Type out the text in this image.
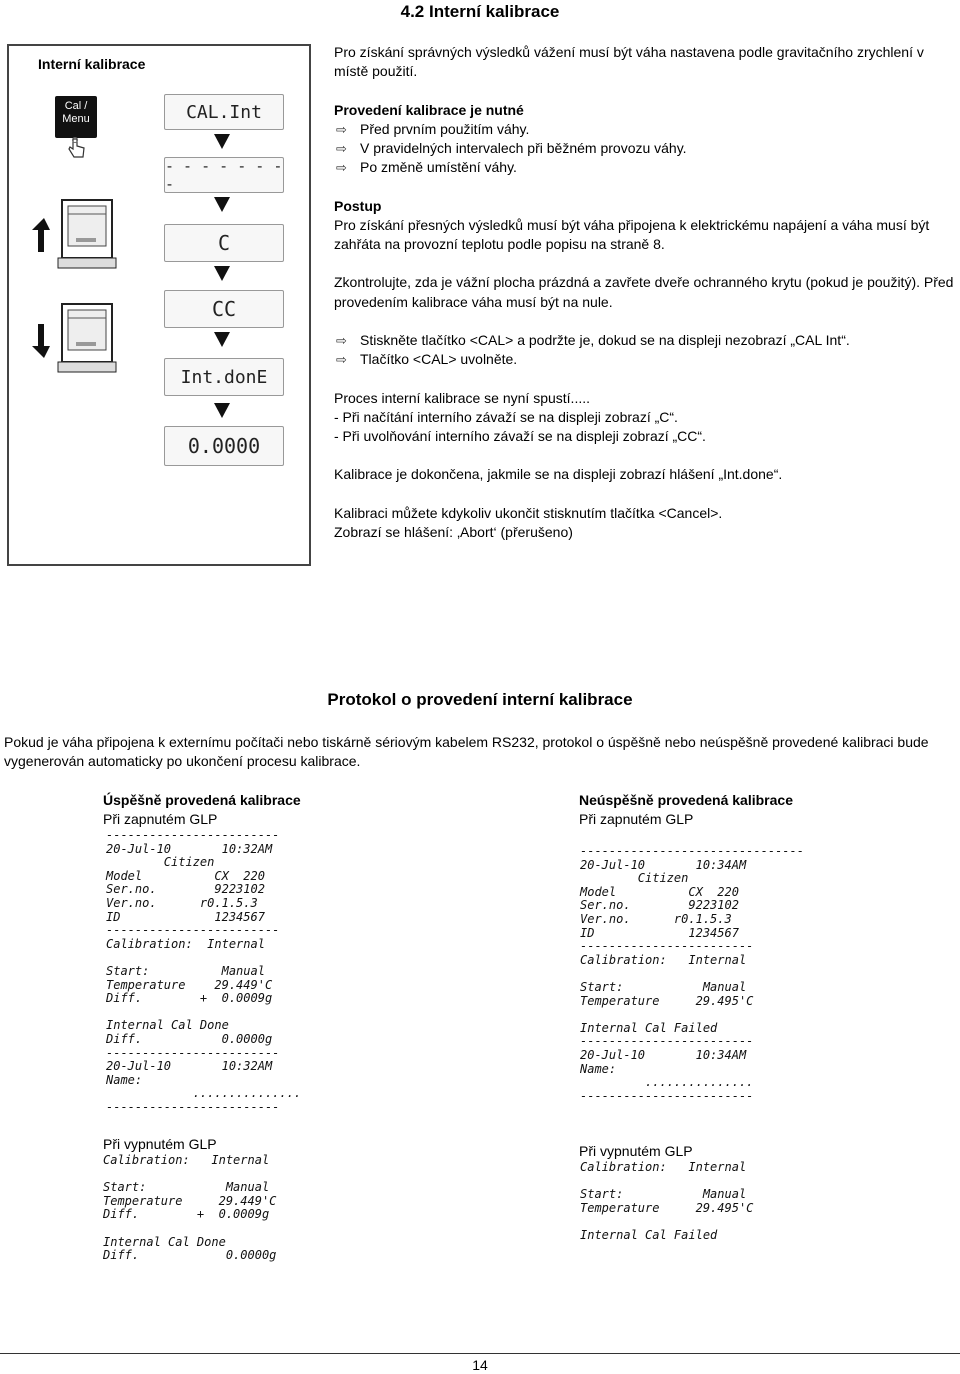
4.2 Interní kalibrace
Interní kalibrace
Cal / Menu	CAL.Int
- - - - - - - -
C
CC
Int.donE
0.0000

Pro získání správných výsledků vážení musí být váha nastavena podle gravitačního zrychlení v místě použití.

Provedení kalibrace je nutné

⇨ Před prvním použitím váhy.

⇨ V pravidelných intervalech při běžném provozu váhy.

⇨ Po změně umístění váhy.

Postup

Pro získání přesných výsledků musí být váha připojena k elektrickému napájení a váha musí být zahřáta na provozní teplotu podle popisu na straně 8.

Zkontrolujte, zda je vážní plocha prázdná a zavřete dveře ochranného krytu (pokud je použitý). Před provedením kalibrace váha musí být na nule.

⇨ Stiskněte tlačítko <CAL> a podržte je, dokud se na displeji nezobrazí „CAL Int“.

⇨ Tlačítko <CAL> uvolněte.

Proces interní kalibrace se nyní spustí.....

- Při načítání interního závaží se na displeji zobrazí „C“.

- Při uvolňování interního závaží se na displeji zobrazí „CC“.

Kalibrace je dokončena, jakmile se na displeji zobrazí hlášení „Int.done“.

Kalibraci můžete kdykoliv ukončit stisknutím tlačítka <Cancel>.

Zobrazí se hlášení: ‚Abort‘ (přerušeno)

Protokol o provedení interní kalibrace
Pokud je váha připojena k externímu počítači nebo tiskárně sériovým kabelem RS232, protokol o úspěšně nebo neúspěšně provedené kalibraci bude vygenerován automaticky po ukončení procesu kalibrace.
Úspěšně provedená kalibrace
Při zapnutém GLP
------------------------
20-Jul-10       10:32AM
Citizen
Model          CX  220
Ser.no.        9223102
Ver.no.      r0.1.5.3
ID             1234567
------------------------
Calibration:  Internal

Start:          Manual
Temperature    29.449'C
Diff.        +  0.0009g

Internal Cal Done
Diff.           0.0000g
------------------------
20-Jul-10       10:32AM
Name:
...............
------------------------
Při vypnutém GLP
Calibration:   Internal

Start:           Manual
Temperature     29.449'C
Diff.        +  0.0009g

Internal Cal Done
Diff.            0.0000g
Neúspěšně provedená kalibrace
Při zapnutém GLP
-------------------------------
20-Jul-10       10:34AM
Citizen
Model          CX  220
Ser.no.        9223102
Ver.no.      r0.1.5.3
ID             1234567
------------------------
Calibration:   Internal

Start:           Manual
Temperature     29.495'C

Internal Cal Failed
------------------------
20-Jul-10       10:34AM
Name:
...............
------------------------
Při vypnutém GLP
Calibration:   Internal

Start:           Manual
Temperature     29.495'C

Internal Cal Failed
14
